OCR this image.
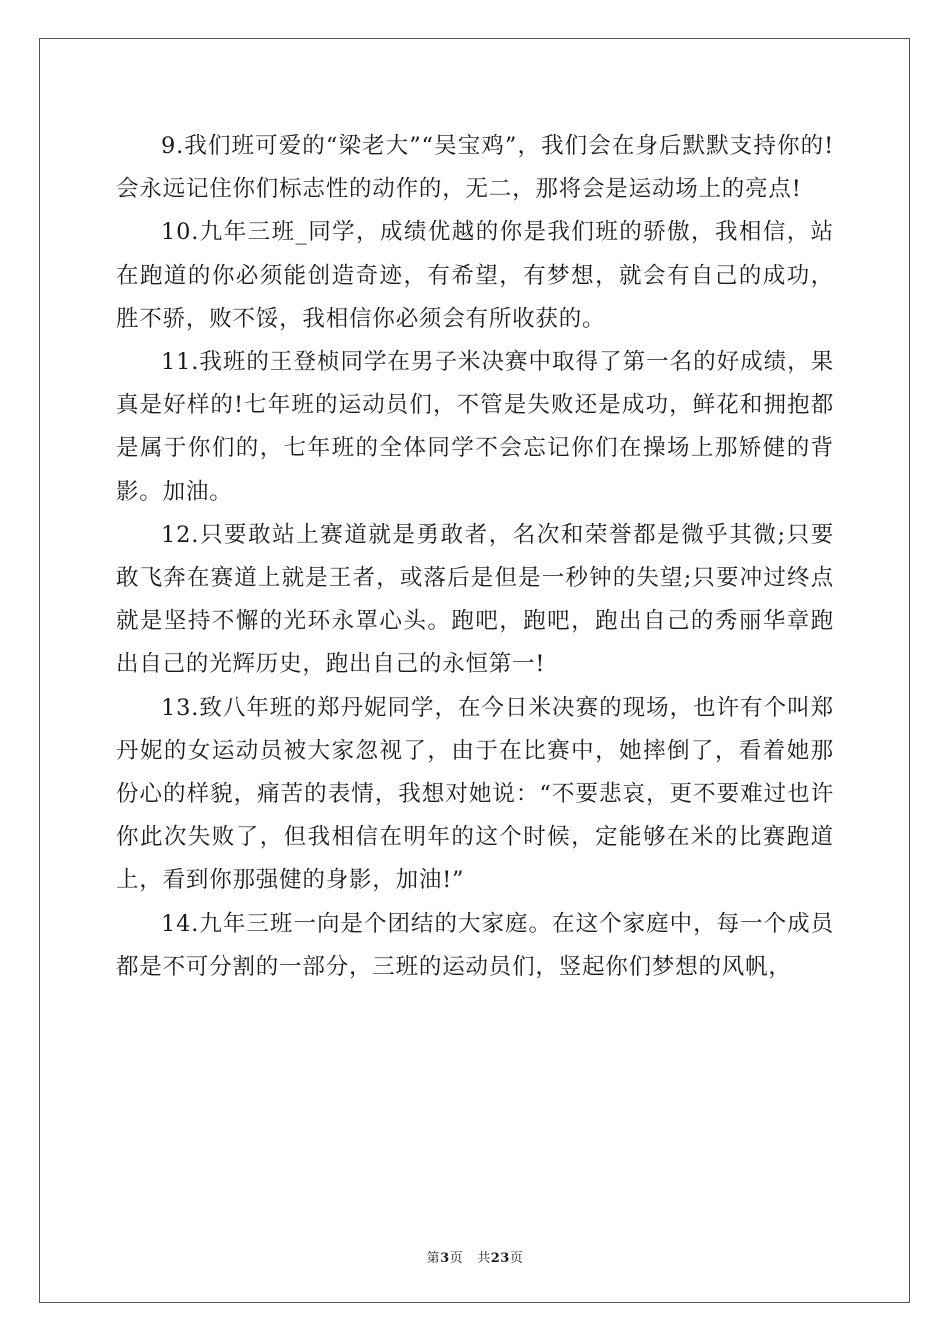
9.我们班可爱的“梁老大”“吴宝鸡”，我们会在身后默默支持你的!会永远记住你们标志性的动作的，无二，那将会是运动场上的亮点!

10.九年三班_同学，成绩优越的你是我们班的骄傲，我相信，站在跑道的你必须能创造奇迹，有希望，有梦想，就会有自己的成功，胜不骄，败不馁，我相信你必须会有所收获的。

11.我班的王登桢同学在男子米决赛中取得了第一名的好成绩，果真是好样的!七年班的运动员们，不管是失败还是成功，鲜花和拥抱都是属于你们的，七年班的全体同学不会忘记你们在操场上那矫健的背影。加油。

12.只要敢站上赛道就是勇敢者，名次和荣誉都是微乎其微;只要敢飞奔在赛道上就是王者，或落后是但是一秒钟的失望;只要冲过终点就是坚持不懈的光环永罩心头。跑吧，跑吧，跑出自己的秀丽华章跑出自己的光辉历史，跑出自己的永恒第一!

13.致八年班的郑丹妮同学，在今日米决赛的现场，也许有个叫郑丹妮的女运动员被大家忽视了，由于在比赛中，她摔倒了，看着她那份心的样貌，痛苦的表情，我想对她说：“不要悲哀，更不要难过也许你此次失败了，但我相信在明年的这个时候，定能够在米的比赛跑道上，看到你那强健的身影，加油!”

14.九年三班一向是个团结的大家庭。在这个家庭中，每一个成员都是不可分割的一部分，三班的运动员们，竖起你们梦想的风帆，

第3页 共23页
